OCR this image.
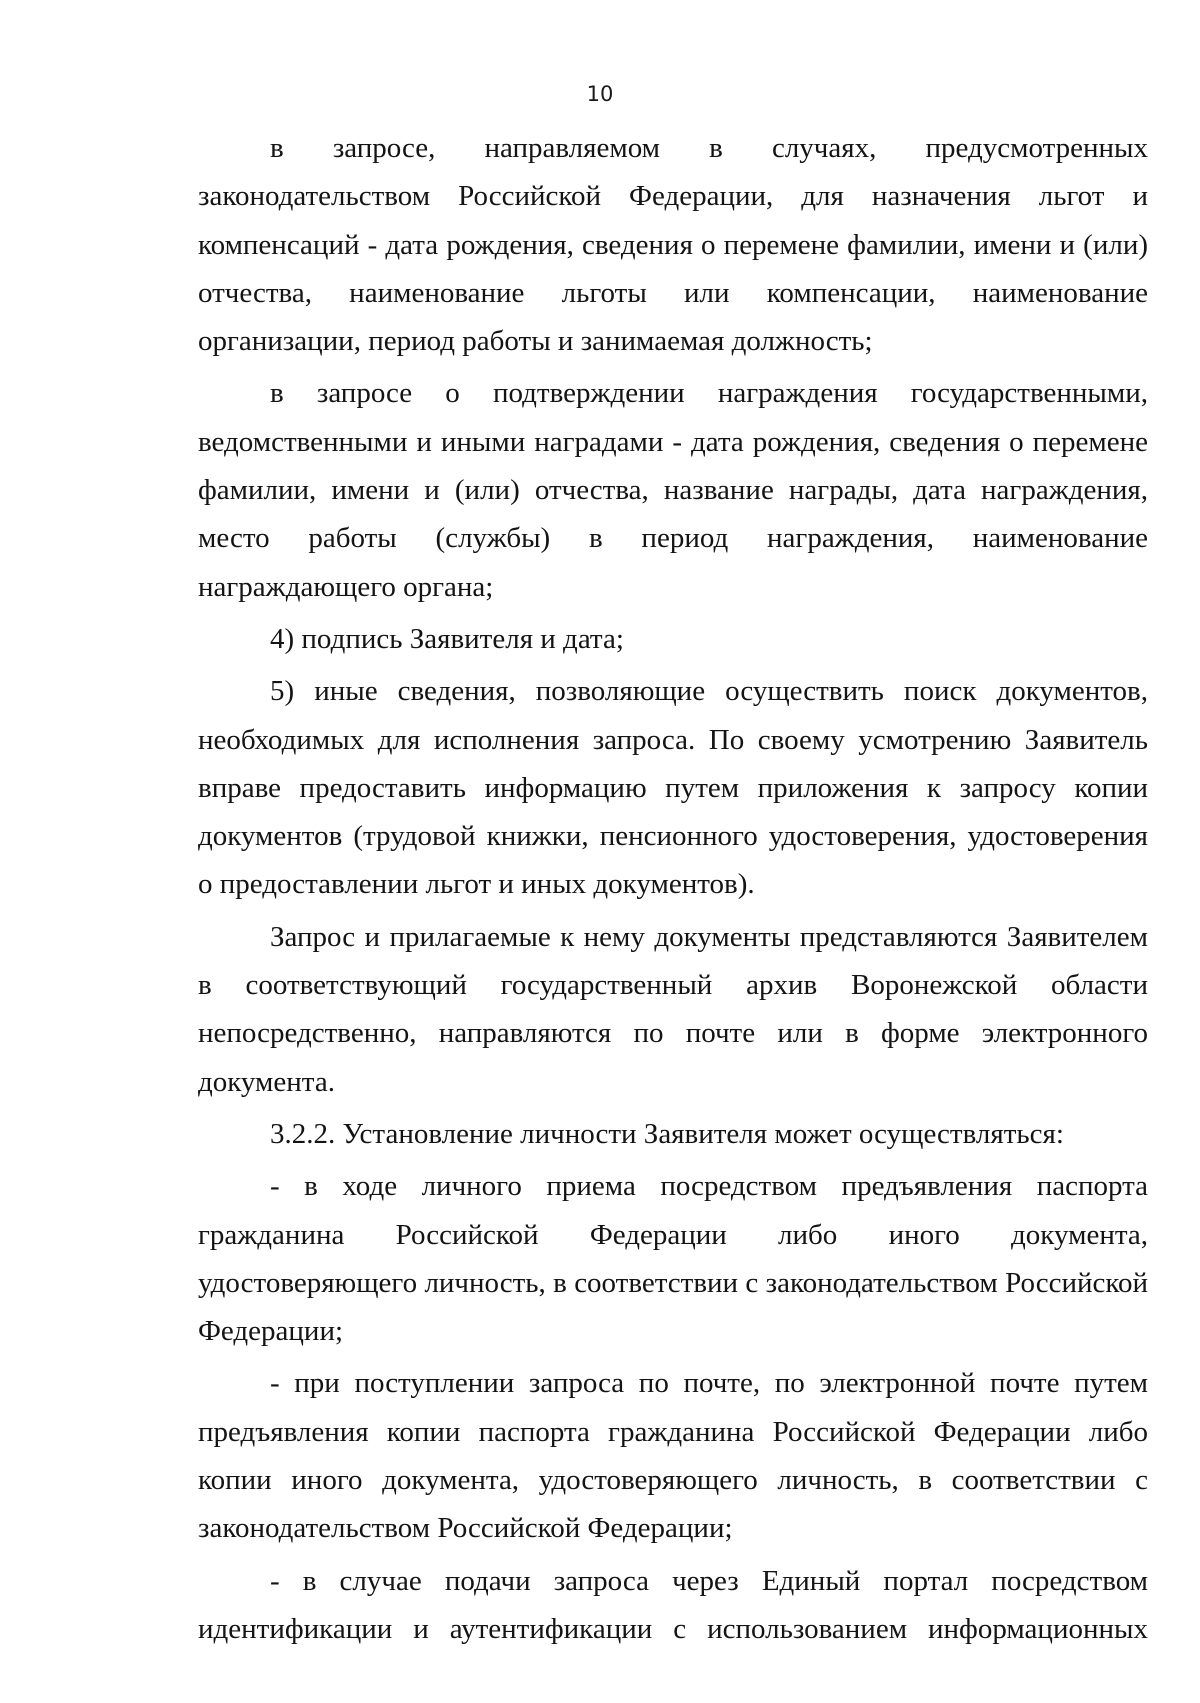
10

в запросе, направляемом в случаях, предусмотренных законодательством Российской Федерации, для назначения льгот и компенсаций - дата рождения, сведения о перемене фамилии, имени и (или) отчества, наименование льготы или компенсации, наименование организации, период работы и занимаемая должность;

в запросе о подтверждении награждения государственными, ведомственными и иными наградами - дата рождения, сведения о перемене фамилии, имени и (или) отчества, название награды, дата награждения, место работы (службы) в период награждения, наименование награждающего органа;

4) подпись Заявителя и дата;

5) иные сведения, позволяющие осуществить поиск документов, необходимых для исполнения запроса. По своему усмотрению Заявитель вправе предоставить информацию путем приложения к запросу копии документов (трудовой книжки, пенсионного удостоверения, удостоверения о предоставлении льгот и иных документов).

Запрос и прилагаемые к нему документы представляются Заявителем в соответствующий государственный архив Воронежской области непосредственно, направляются по почте или в форме электронного документа.

3.2.2. Установление личности Заявителя может осуществляться:

- в ходе личного приема посредством предъявления паспорта гражданина Российской Федерации либо иного документа, удостоверяющего личность, в соответствии с законодательством Российской Федерации;

- при поступлении запроса по почте, по электронной почте путем предъявления копии паспорта гражданина Российской Федерации либо копии иного документа, удостоверяющего личность, в соответствии с законодательством Российской Федерации;

- в случае подачи запроса через Единый портал посредством идентификации и аутентификации с использованием информационных
